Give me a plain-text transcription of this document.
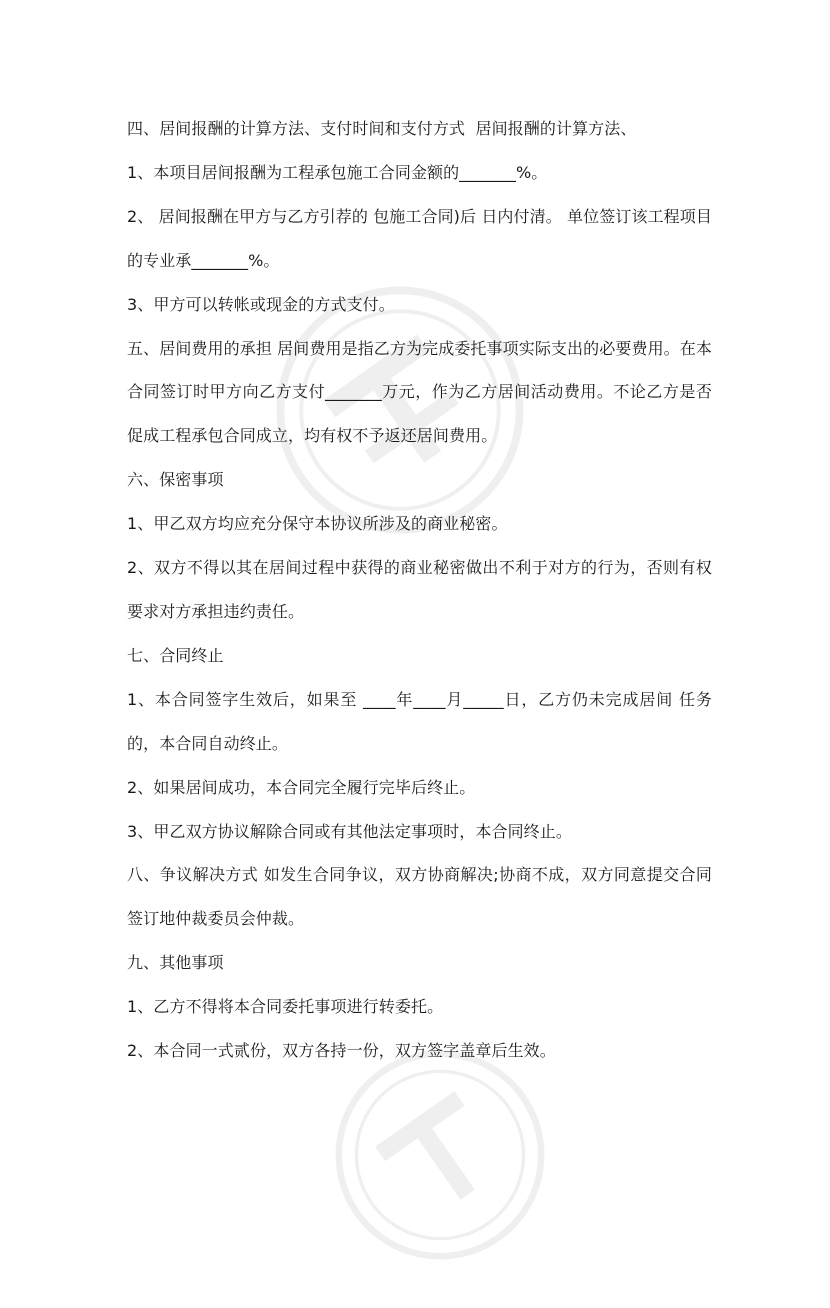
四、居间报酬的计算方法、支付时间和支付方式  居间报酬的计算方法、

1、本项目居间报酬为工程承包施工合同金额的_______%。

2、 居间报酬在甲方与乙方引荐的 包施工合同)后 日内付清。 单位签订该工程项目的专业承_______%。

3、甲方可以转帐或现金的方式支付。

五、居间费用的承担 居间费用是指乙方为完成委托事项实际支出的必要费用。在本合同签订时甲方向乙方支付_______万元，作为乙方居间活动费用。不论乙方是否促成工程承包合同成立，均有权不予返还居间费用。

六、保密事项

1、甲乙双方均应充分保守本协议所涉及的商业秘密。

2、双方不得以其在居间过程中获得的商业秘密做出不利于对方的行为，否则有权要求对方承担违约责任。

七、合同终止

1、本合同签字生效后，如果至 ____年____月_____日，乙方仍未完成居间 任务的，本合同自动终止。

2、如果居间成功，本合同完全履行完毕后终止。

3、甲乙双方协议解除合同或有其他法定事项时，本合同终止。

八、争议解决方式 如发生合同争议，双方协商解决;协商不成，双方同意提交合同签订地仲裁委员会仲裁。

九、其他事项

1、乙方不得将本合同委托事项进行转委托。

2、本合同一式贰份，双方各持一份，双方签字盖章后生效。
